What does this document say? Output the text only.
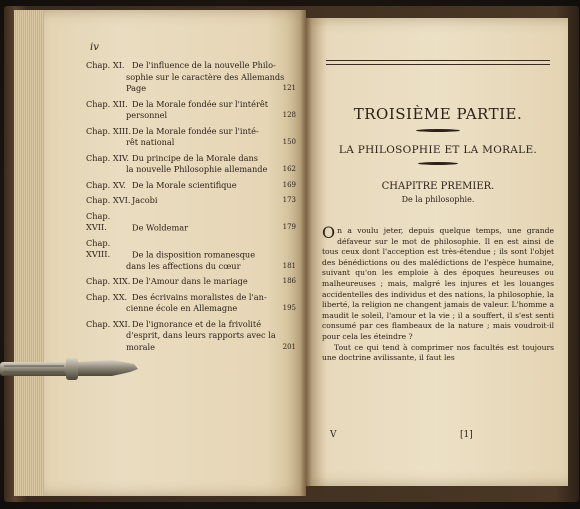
iv
Chap. XI. De l'influence de la nouvelle Philo-
sophie sur le caractère des Allemands Page	121
Chap. XII. De la Morale fondée sur l'intérêt
personnel	128
Chap. XIII.De la Morale fondée sur l'inté-
rêt national	150
Chap. XIV. Du principe de la Morale dans
la nouvelle Philosophie allemande	162
Chap. XV. De la Morale scientifique	169
Chap. XVI. Jacobi	173
Chap. XVII.	De Woldemar	179
Chap. XVIII.	De la disposition romanesque
dans les affections du cœur	181
Chap. XIX. De l'Amour dans le mariage	186
Chap. XX. Des écrivains moralistes de l'an-
cienne école en Allemagne	195
Chap. XXI. De l'ignorance et de la frivolité
d'esprit, dans leurs rapports avec la morale	201
TROISIÈME PARTIE.
LA PHILOSOPHIE ET LA MORALE.
CHAPITRE PREMIER.
De la philosophie.
On a voulu jeter, depuis quelque temps, une grande défaveur sur le mot de philosophie. Il en est ainsi de tous ceux dont l'acception est très-étendue ; ils sont l'objet des bénédictions ou des malédictions de l'espèce humaine, suivant qu'on les emploie à des époques heureuses ou malheureuses ; mais, malgré les injures et les louanges accidentelles des individus et des nations, la philosophie, la liberté, la religion ne changent jamais de valeur. L'homme a maudit le soleil, l'amour et la vie ; il a souffert, il s'est senti consumé par ces flambeaux de la nature ; mais voudroit-il pour cela les éteindre ?
Tout ce qui tend à comprimer nos facultés est toujours une doctrine avilissante, il faut les
V	[1]
